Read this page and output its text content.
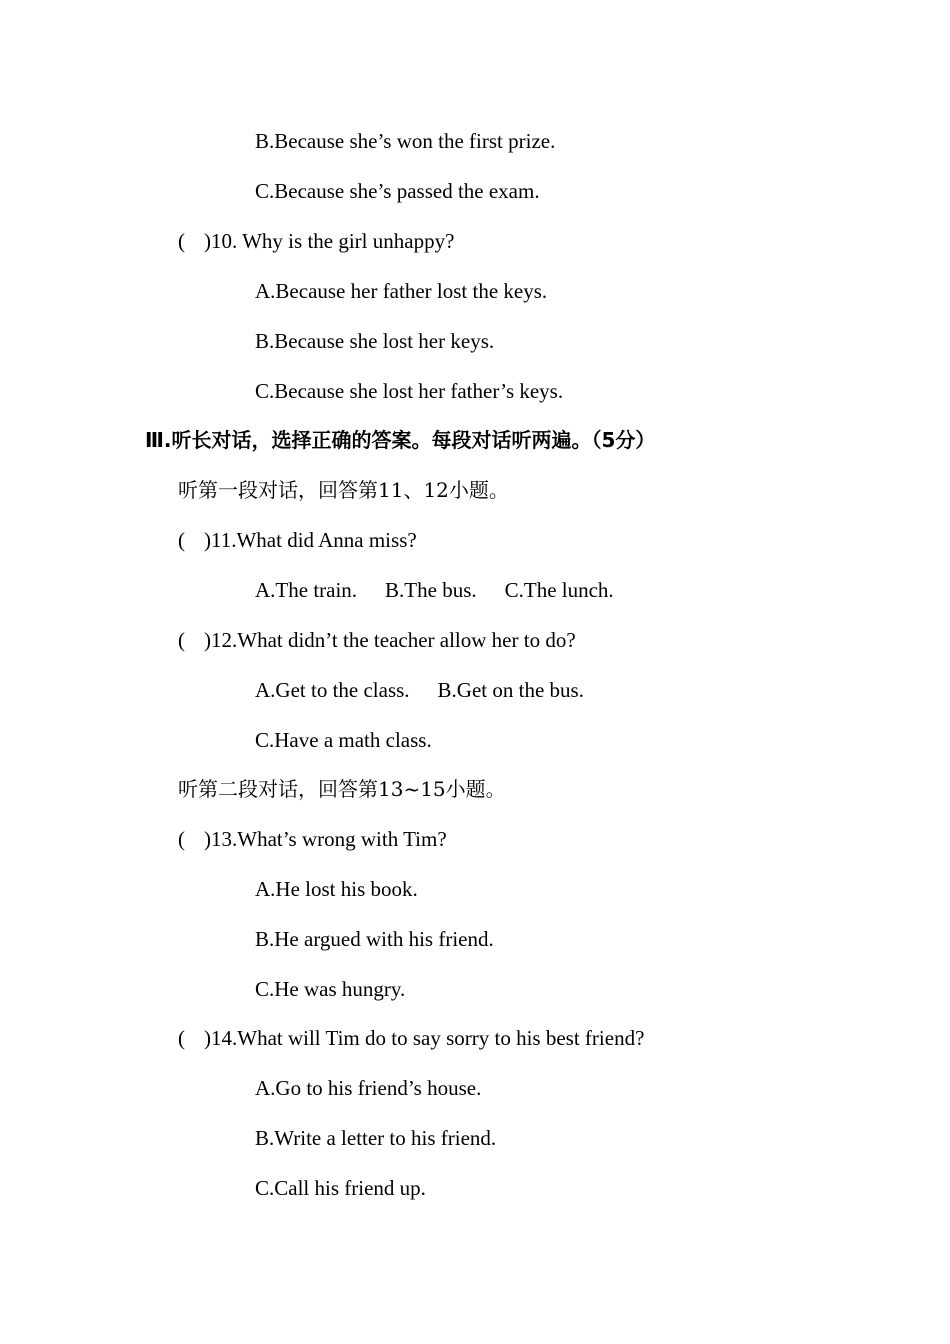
B.Because she’s won the first prize.
C.Because she’s passed the exam.
( )10. Why is the girl unhappy?
A.Because her father lost the keys.
B.Because she lost her keys.
C.Because she lost her father’s keys.
Ⅲ.听长对话，选择正确的答案。每段对话听两遍。（5分）
听第一段对话，回答第11、12小题。
( )11.What did Anna miss?
A.The train. B.The bus. C.The lunch.
( )12.What didn’t the teacher allow her to do?
A.Get to the class. B.Get on the bus.
C.Have a math class.
听第二段对话，回答第13~15小题。
( )13.What’s wrong with Tim?
A.He lost his book.
B.He argued with his friend.
C.He was hungry.
( )14.What will Tim do to say sorry to his best friend?
A.Go to his friend’s house.
B.Write a letter to his friend.
C.Call his friend up.
